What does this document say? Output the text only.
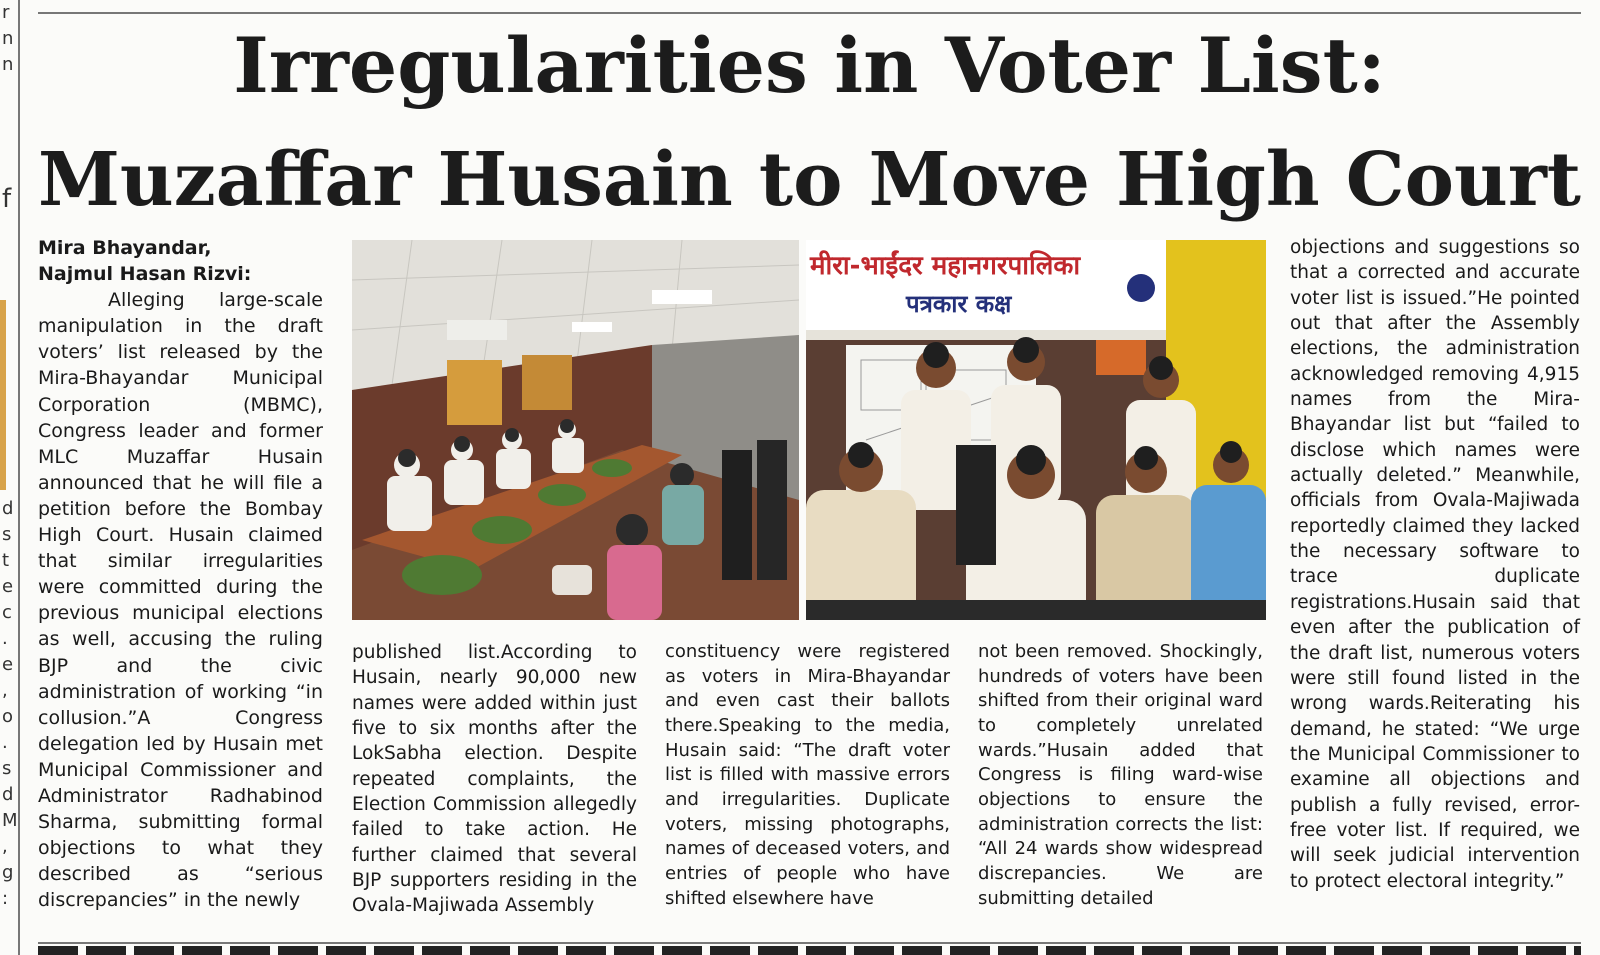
r
n
n
f
d
s
t
e
c
.
e
,
o
.
s
d
M
,
g
:
Irregularities in Voter List:
Muzaffar Husain to Move High Court
Mira Bhayandar,
Najmul Hasan Rizvi:

Alleging large-scale manipulation in the draft voters’ list released by the Mira-Bhayandar Municipal Corporation (MBMC), Congress leader and former MLC Muzaffar Husain announced that he will file a petition before the Bombay High Court. Husain claimed that similar irregularities were committed during the previous municipal elections as well, accusing the ruling BJP and the civic administration of working “in collusion.”A Congress delegation led by Husain met Municipal Commissioner and Administrator Radhabinod Sharma, submitting formal objections to what they described as “serious discrepancies” in the newly

मीरा-भाईंदर महानगरपालिका
पत्रकार कक्ष

published list.According to Husain, nearly 90,000 new names were added within just five to six months after the LokSabha election. Despite repeated complaints, the Election Commission allegedly failed to take action. He further claimed that several BJP supporters residing in the Ovala-Majiwada Assembly

constituency were registered as voters in Mira-Bhayandar and even cast their ballots there.Speaking to the media, Husain said: “The draft voter list is filled with massive errors and irregularities. Duplicate voters, missing photographs, names of deceased voters, and entries of people who have shifted elsewhere have

not been removed. Shockingly, hundreds of voters have been shifted from their original ward to completely unrelated wards.”Husain added that Congress is filing ward-wise objections to ensure the administration corrects the list: “All 24 wards show widespread discrepancies. We are submitting detailed

objections and suggestions so that a corrected and accurate voter list is issued.”He pointed out that after the Assembly elections, the administration acknowledged removing 4,915 names from the Mira-Bhayandar list but “failed to disclose which names were actually deleted.” Meanwhile, officials from Ovala-Majiwada reportedly claimed they lacked the necessary software to trace duplicate registrations.Husain said that even after the publication of the draft list, numerous voters were still found listed in the wrong wards.Reiterating his demand, he stated: “We urge the Municipal Commissioner to examine all objections and publish a fully revised, error-free voter list. If required, we will seek judicial intervention to protect electoral integrity.”
